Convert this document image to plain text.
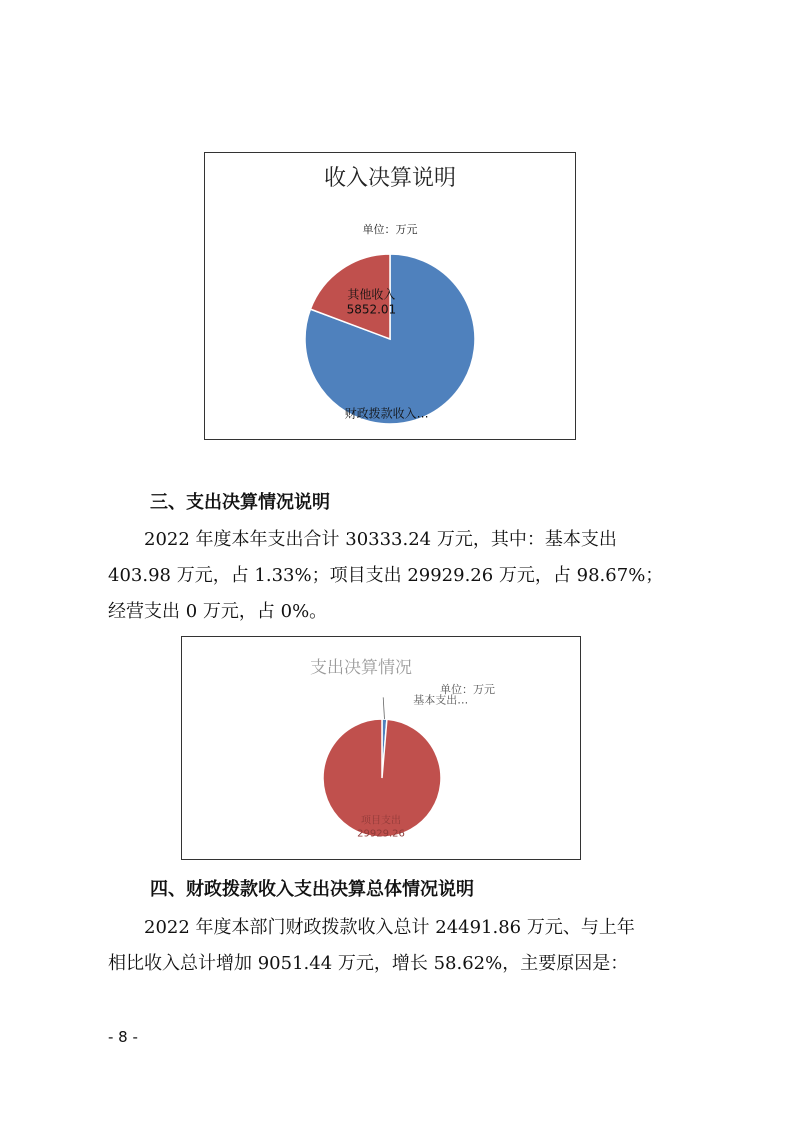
收入决算说明
单位：万元
财政拨款收入…
其他收入
5852.01
三、支出决算情况说明
2022 年度本年支出合计 30333.24 万元，其中：基本支出
403.98 万元，占 1.33%；项目支出 29929.26 万元，占 98.67%；
经营支出 0 万元，占 0%。
支出决算情况
单位：万元
基本支出…
项目支出
29929.26
四、财政拨款收入支出决算总体情况说明
2022 年度本部门财政拨款收入总计 24491.86 万元、与上年
相比收入总计增加 9051.44 万元，增长 58.62%，主要原因是：
- 8 -
